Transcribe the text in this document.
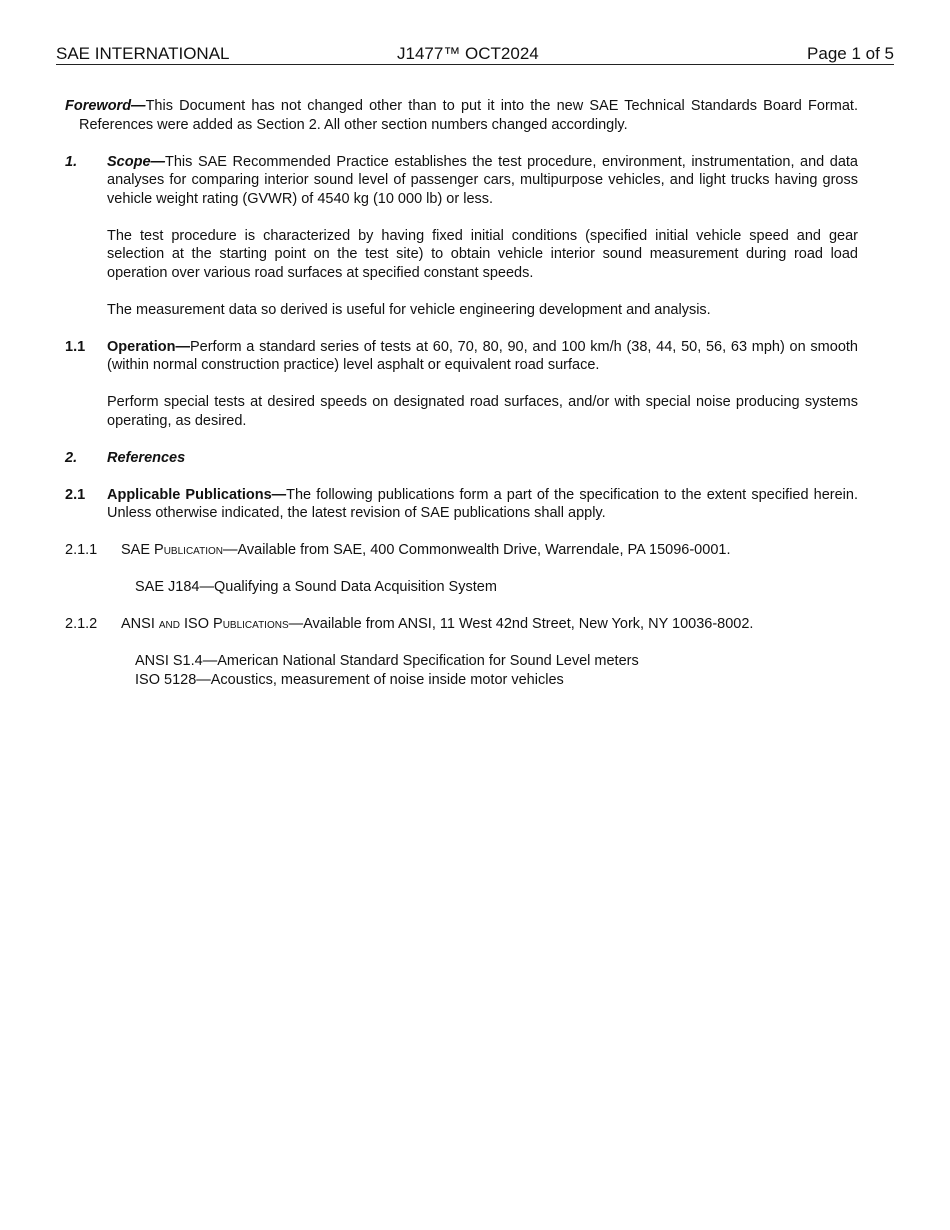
SAE INTERNATIONAL	J1477™ OCT2024	Page 1 of 5

Foreword—This Document has not changed other than to put it into the new SAE Technical Standards Board Format. References were added as Section 2. All other section numbers changed accordingly.

1. Scope—This SAE Recommended Practice establishes the test procedure, environment, instrumentation, and data analyses for comparing interior sound level of passenger cars, multipurpose vehicles, and light trucks having gross vehicle weight rating (GVWR) of 4540 kg (10 000 lb) or less.

The test procedure is characterized by having fixed initial conditions (specified initial vehicle speed and gear selection at the starting point on the test site) to obtain vehicle interior sound measurement during road load operation over various road surfaces at specified constant speeds.

The measurement data so derived is useful for vehicle engineering development and analysis.

1.1 Operation—Perform a standard series of tests at 60, 70, 80, 90, and 100 km/h (38, 44, 50, 56, 63 mph) on smooth (within normal construction practice) level asphalt or equivalent road surface.

Perform special tests at desired speeds on designated road surfaces, and/or with special noise producing systems operating, as desired.

2. References

2.1 Applicable Publications—The following publications form a part of the specification to the extent specified herein. Unless otherwise indicated, the latest revision of SAE publications shall apply.

2.1.1 SAE Publication—Available from SAE, 400 Commonwealth Drive, Warrendale, PA 15096-0001.

SAE J184—Qualifying a Sound Data Acquisition System
2.1.2 ANSI and ISO Publications—Available from ANSI, 11 West 42nd Street, New York, NY 10036-8002.

ANSI S1.4—American National Standard Specification for Sound Level meters
ISO 5128—Acoustics, measurement of noise inside motor vehicles
